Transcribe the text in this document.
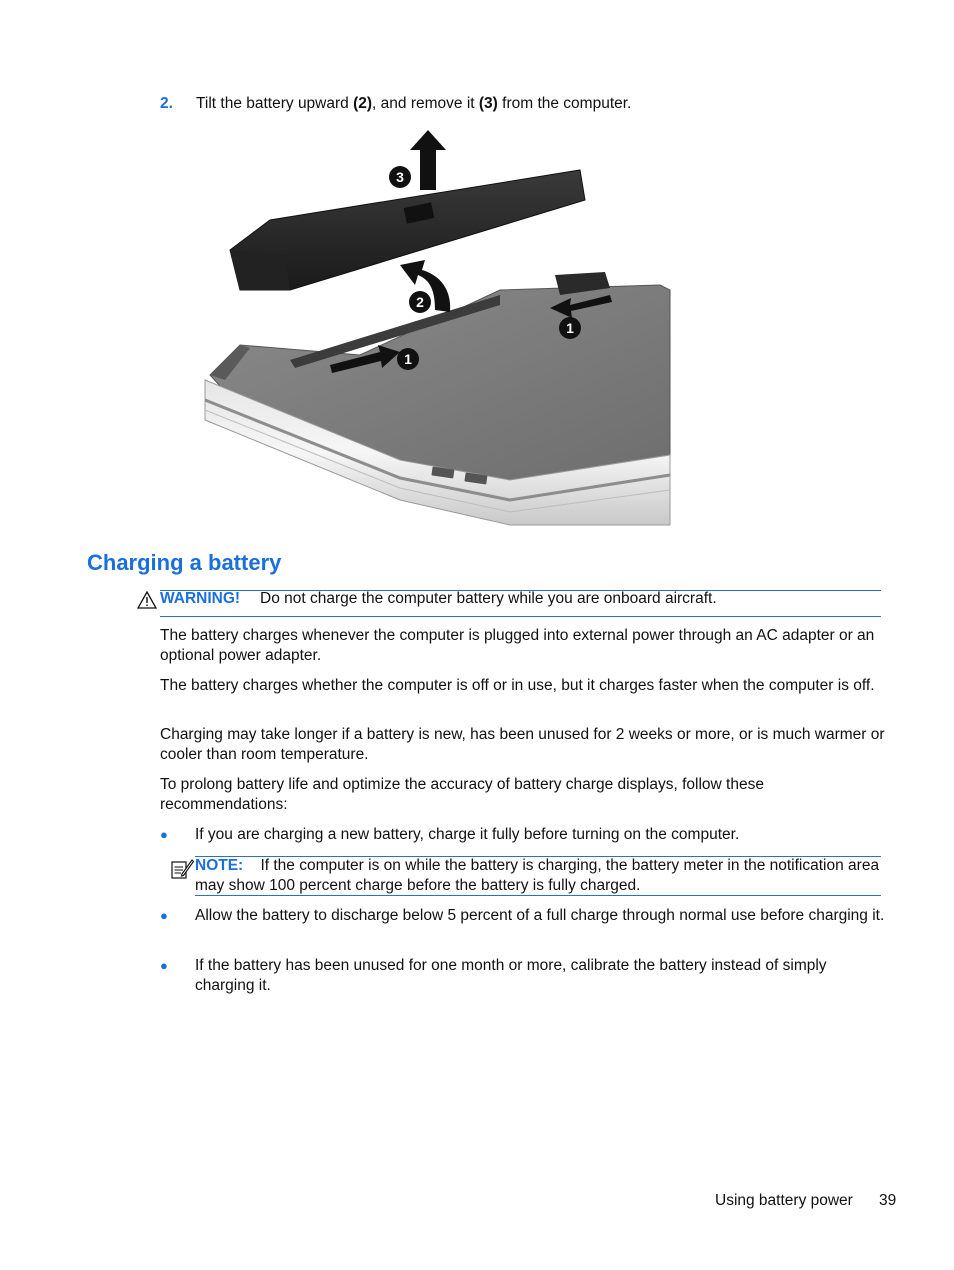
2. Tilt the battery upward (2), and remove it (3) from the computer.
3
2
1
1
Charging a battery
WARNING! Do not charge the computer battery while you are onboard aircraft.
The battery charges whenever the computer is plugged into external power through an AC adapter or an optional power adapter.
The battery charges whether the computer is off or in use, but it charges faster when the computer is off.
Charging may take longer if a battery is new, has been unused for 2 weeks or more, or is much warmer or cooler than room temperature.
To prolong battery life and optimize the accuracy of battery charge displays, follow these recommendations:
● If you are charging a new battery, charge it fully before turning on the computer.
NOTE: If the computer is on while the battery is charging, the battery meter in the notification area may show 100 percent charge before the battery is fully charged.
● Allow the battery to discharge below 5 percent of a full charge through normal use before charging it.
● If the battery has been unused for one month or more, calibrate the battery instead of simply charging it.
Using battery power 39
